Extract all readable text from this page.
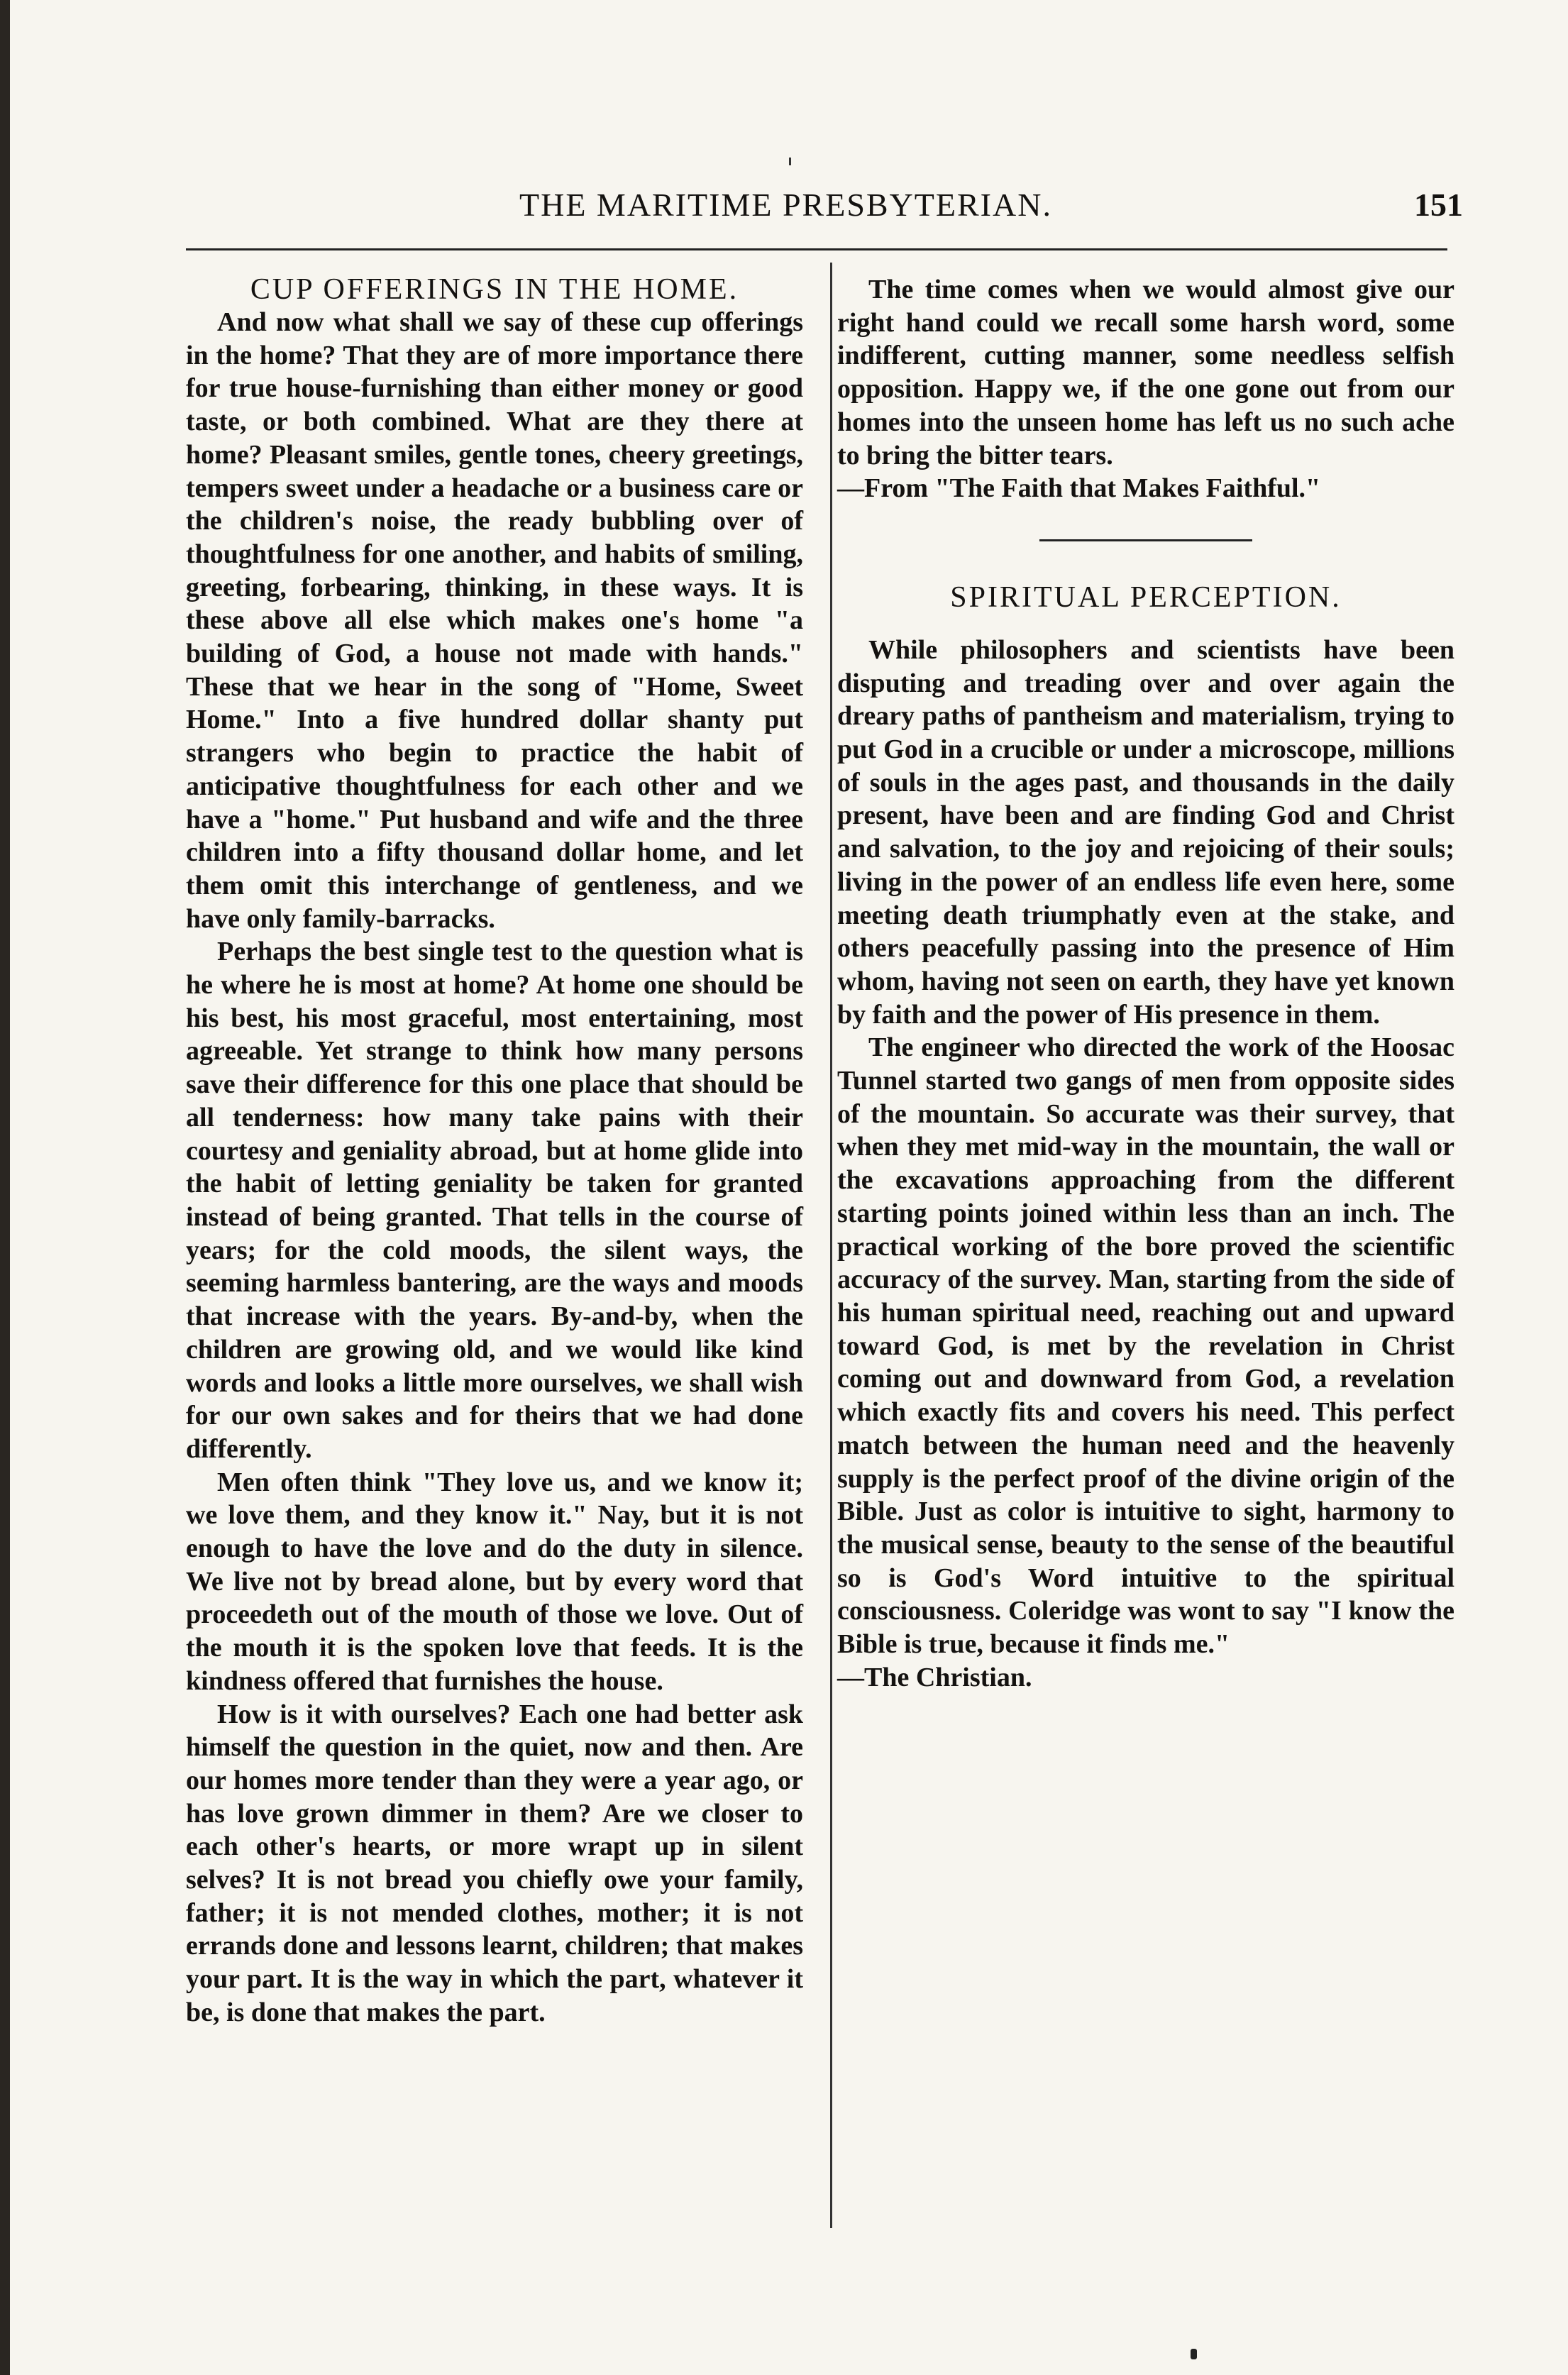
THE MARITIME PRESBYTERIAN.	151
CUP OFFERINGS IN THE HOME.

And now what shall we say of these cup offerings in the home? That they are of more importance there for true house-furnishing than either money or good taste, or both combined. What are they there at home? Pleasant smiles, gentle tones, cheery greetings, tempers sweet under a headache or a business care or the children's noise, the ready bubbling over of thoughtfulness for one another, and habits of smiling, greeting, forbearing, thinking, in these ways. It is these above all else which makes one's home "a building of God, a house not made with hands." These that we hear in the song of "Home, Sweet Home." Into a five hundred dollar shanty put strangers who begin to practice the habit of anticipative thoughtfulness for each other and we have a "home." Put husband and wife and the three children into a fifty thousand dollar home, and let them omit this interchange of gentleness, and we have only family-barracks.

Perhaps the best single test to the question what is he where he is most at home? At home one should be his best, his most graceful, most entertaining, most agreeable. Yet strange to think how many persons save their difference for this one place that should be all tenderness: how many take pains with their courtesy and geniality abroad, but at home glide into the habit of letting geniality be taken for granted instead of being granted. That tells in the course of years; for the cold moods, the silent ways, the seeming harmless bantering, are the ways and moods that increase with the years. By-and-by, when the children are growing old, and we would like kind words and looks a little more ourselves, we shall wish for our own sakes and for theirs that we had done differently.

Men often think "They love us, and we know it; we love them, and they know it." Nay, but it is not enough to have the love and do the duty in silence. We live not by bread alone, but by every word that proceedeth out of the mouth of those we love. Out of the mouth it is the spoken love that feeds. It is the kindness offered that furnishes the house.

How is it with ourselves? Each one had better ask himself the question in the quiet, now and then. Are our homes more tender than they were a year ago, or has love grown dimmer in them? Are we closer to each other's hearts, or more wrapt up in silent selves? It is not bread you chiefly owe your family, father; it is not mended clothes, mother; it is not errands done and lessons learnt, children; that makes your part. It is the way in which the part, whatever it be, is done that makes the part.

The time comes when we would almost give our right hand could we recall some harsh word, some indifferent, cutting manner, some needless selfish opposition. Happy we, if the one gone out from our homes into the unseen home has left us no such ache to bring the bitter tears.

—From "The Faith that Makes Faithful."

SPIRITUAL PERCEPTION.

While philosophers and scientists have been disputing and treading over and over again the dreary paths of pantheism and materialism, trying to put God in a crucible or under a microscope, millions of souls in the ages past, and thousands in the daily present, have been and are finding God and Christ and salvation, to the joy and rejoicing of their souls; living in the power of an endless life even here, some meeting death triumphatly even at the stake, and others peacefully passing into the presence of Him whom, having not seen on earth, they have yet known by faith and the power of His presence in them.

The engineer who directed the work of the Hoosac Tunnel started two gangs of men from opposite sides of the mountain. So accurate was their survey, that when they met mid-way in the mountain, the wall or the excavations approaching from the different starting points joined within less than an inch. The practical working of the bore proved the scientific accuracy of the survey. Man, starting from the side of his human spiritual need, reaching out and upward toward God, is met by the revelation in Christ coming out and downward from God, a revelation which exactly fits and covers his need. This perfect match between the human need and the heavenly supply is the perfect proof of the divine origin of the Bible. Just as color is intuitive to sight, harmony to the musical sense, beauty to the sense of the beautiful so is God's Word intuitive to the spiritual consciousness. Coleridge was wont to say "I know the Bible is true, because it finds me."

—The Christian.
